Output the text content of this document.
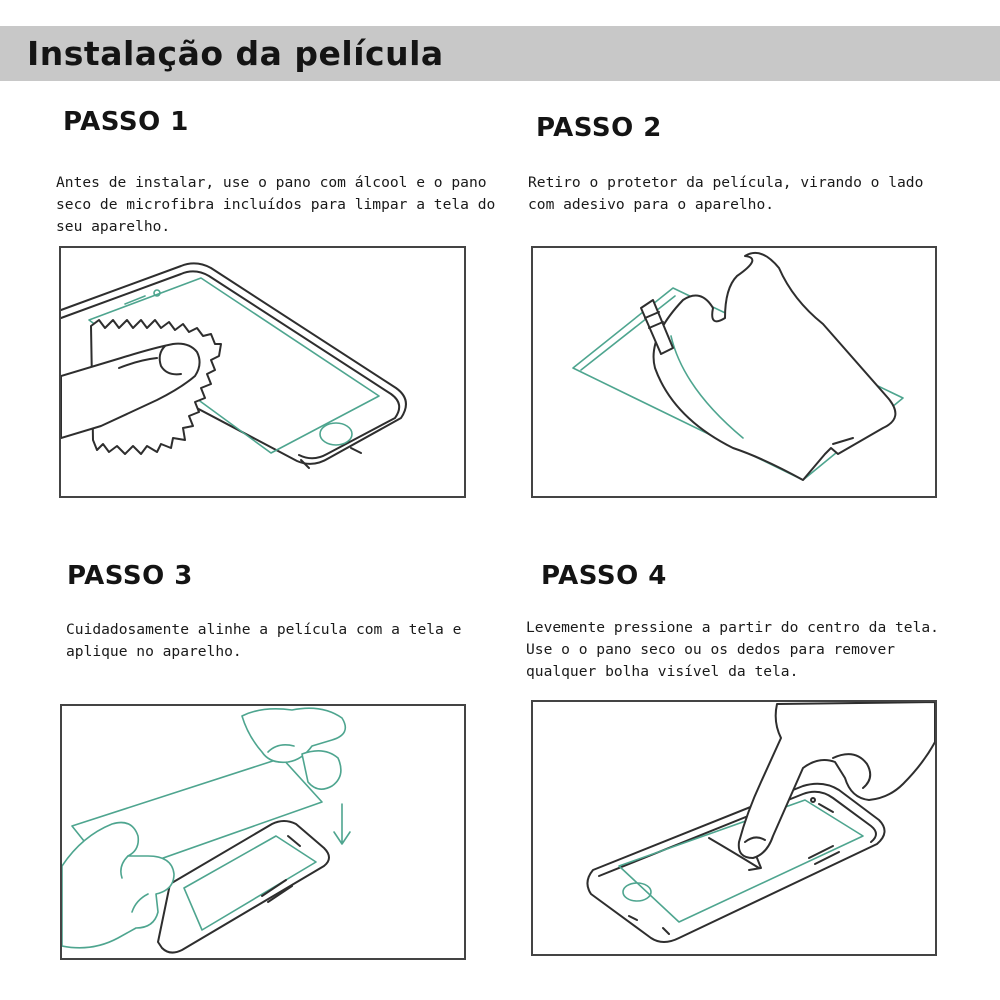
Instalação da película
PASSO 1

Antes de instalar, use o pano com álcool e o pano
seco de microfibra incluídos para limpar a tela do
seu aparelho.

PASSO 2

Retiro o protetor da película, virando o lado
com adesivo para o aparelho.

PASSO 3

Cuidadosamente alinhe a película com a tela e
aplique no aparelho.

PASSO 4

Levemente pressione a partir do centro da tela.
Use o o pano seco ou os dedos para remover
qualquer bolha visível da tela.
